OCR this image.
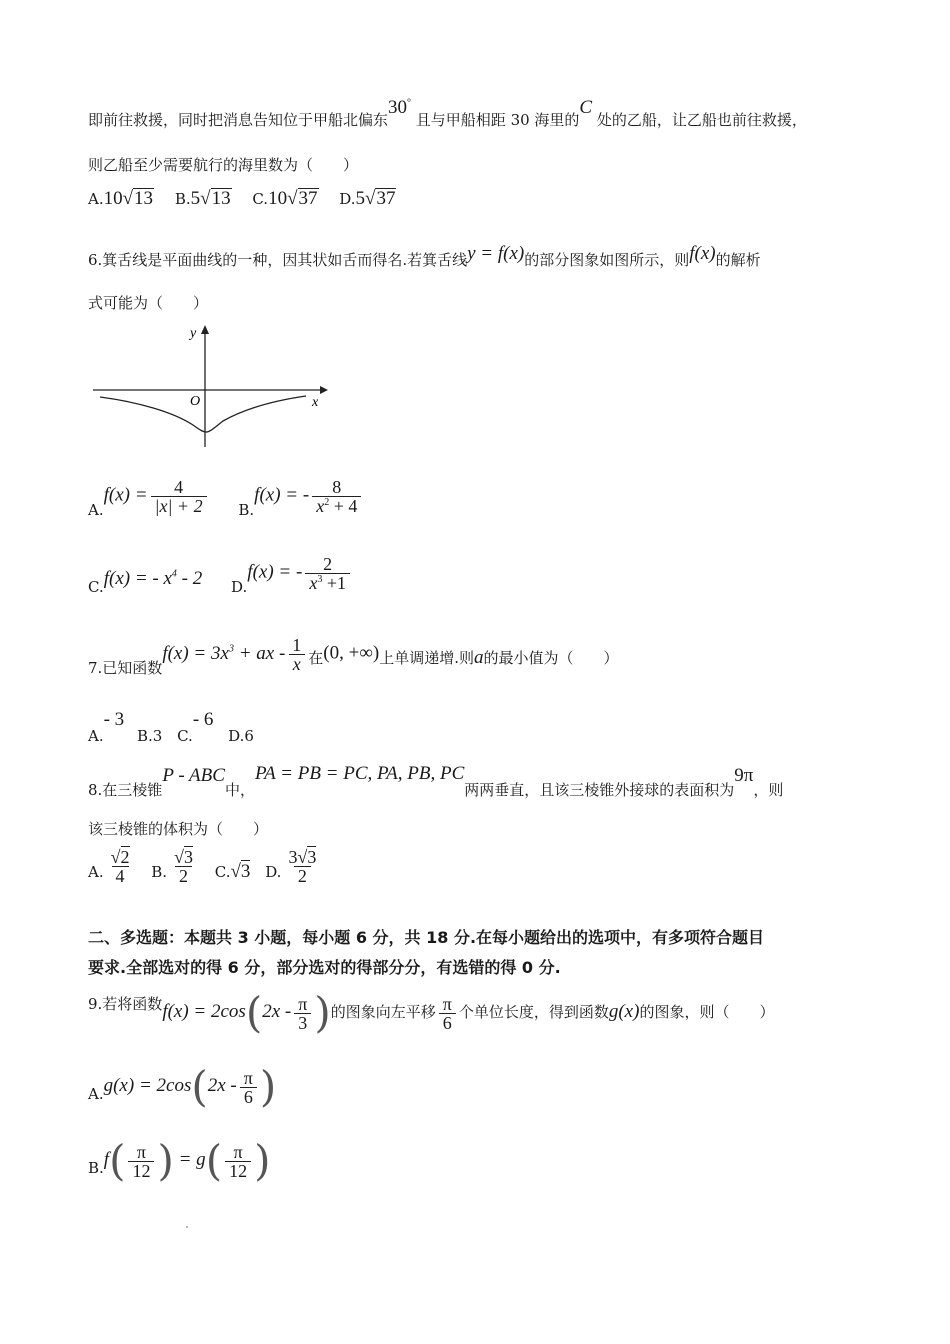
即前往救援，同时把消息告知位于甲船北偏东30° 且与甲船相距 30 海里的C 处的乙船，让乙船也前往救援，
则乙船至少需要航行的海里数为（　　）
A.10√13 B.5√13 C.10√37 D.5√37
6.箕舌线是平面曲线的一种，因其状如舌而得名.若箕舌线y = f(x)的部分图象如图所示，则f(x)的解析
式可能为（　　）
y
x
O
$A.f(x) = \frac{4}{|x| + 2} B.f(x)$ = - $\frac{8}{x^2 + 4}$
C.f(x) = - $x^4 - 2$ D.f(x) = - $\frac{2}{x^3 +1}$
7.已知函数$f(x) = 3x^3$ + ax - $\frac{1}{x}$ 在(0, +∞)上单调递增.则a的最小值为（　　）
A.- 3 B.3 C.- 6 D.6
8.在三棱锥P - ABC中，PA = PB = PC, PA, PB, PC两两垂直，且该三棱锥外接球的表面积为9π，则
该三棱锥的体积为（　　）
A. $\frac{√2}{4} B$. $\frac{√3}{2} C.√3$ D. $\frac{3√3}{2}$
二、多选题：本题共 3 小题，每小题 6 分，共 18 分.在每小题给出的选项中，有多项符合题目
要求.全部选对的得 6 分，部分选对的得部分分，有选错的得 0 分.
9.若将函数$f(x) = 2\cos(2x - \frac{\pi}{3}$ )的图象向左平移 $\frac{\pi}{6}$ 个单位长度，得到函数g(x)的图象，则（　　）
$A.g(x) = 2\cos(2x - \frac{\pi}{6}$ )
$B.f( \frac{\pi}{12}$ ) = $g( \frac{\pi}{12}$ )
